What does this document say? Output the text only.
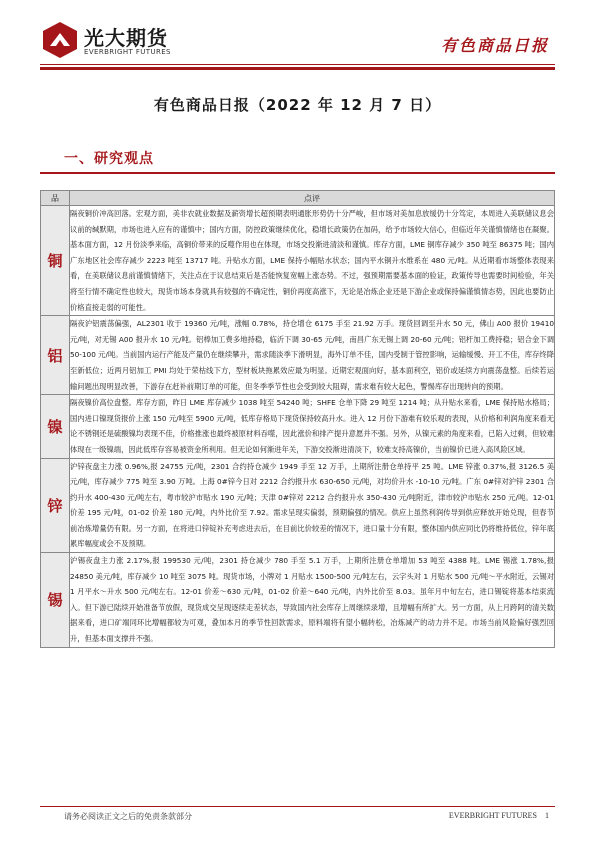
光大期货
EVERBRIGHT FUTURES	有色商品日报
有色商品日报（2022 年 12 月 7 日）
一、研究观点
品	点评
铜	隔夜铜价冲高回落。宏观方面，美非农就业数据及薪资增长超预期表明通胀形势仍十分严峻，但市场对美加息放缓仍十分笃定，本周进入美联储议息会议前的缄默期，市场也进入应有的谨慎中；国内方面，防控政策继续优化，稳增长政策仍在加码，给予市场较大信心，但临近年关谨慎情绪也在凝聚。基本面方面，12 月份淡季来临，高铜价带来的反噬作用也在体现，市场交投渐进清淡和谨慎。库存方面，LME 铜库存减少 350 吨至 86375 吨；国内广东地区社会库存减少 2223 吨至 13717 吨。升贴水方面，LME 保持小幅贴水状态；国内平水铜升水维系在 480 元/吨。从近期看市场整体表现来看，在美联储议息前谨慎情绪下，关注点在于议息结束后是否能恢复宽幅上涨态势。不过，强预期需要基本面的验证，政策传导也需要时间检验，年关将至行情不确定性也较大，现货市场本身就具有较强的不确定性，铜价再度高涨下，无论是冶炼企业还是下游企业或保持偏谨慎情态势，因此也要防止价格直接走弱的可能性。
铝	隔夜沪铝震荡偏强，AL2301 收于 19360 元/吨，涨幅 0.78%，持仓增仓 6175 手至 21.92 万手。现货回调至升水 50 元，佛山 A00 报价 19410 元/吨，对无锡 A00 报升水 10 元/吨。铝棒加工费多地持稳，临沂下调 30-65 元/吨，南昌广东无锡上调 20-60 元/吨；铝杆加工费持稳；铝合金下调 50-100 元/吨。当前国内运行产能及产量仍在继续攀升，需求随淡季下滑明显，海外订单不佳，国内受制于管控影响，运输缓慢、开工不佳，库存终降至新低位；近两月铝加工 PMI 均处于荣枯线下方，型材板块拖累效应最为明显。近期宏观面向好，基本面利空，铝价或延续方向震荡盘整。后续若运输问题出现明显改善，下游存在赶补前期订单的可能，但冬季季节性也会受到较大阻碍，需求难有较大起色，警惕库存出现转向的预期。
镍	隔夜镍价高位盘整。库存方面，昨日 LME 库存减少 1038 吨至 54240 吨；SHFE 仓单下降 29 吨至 1214 吨；从升贴水来看，LME 保持贴水格局；国内进口镍现货报价上涨 150 元/吨至 5900 元/吨，低库存格局下现货保持较高升水。进入 12 月份下游难有较乐观的表现，从价格和利润角度来看无论不锈钢还是硫酸镍均表现不佳，价格推涨也最终被原材料吞噬，因此涨价和排产提升意愿并不强。另外，从镍元素的角度来看，已陷入过剩，但较难体现在一级镍端，因此低库存容易被资金所利用。但无论如何渐进年关，下游交投渐进清淡下，较难支持高镍价，当前镍价已进入高风险区域。
锌	沪锌夜盘主力涨 0.96%,报 24755 元/吨，2301 合约持仓减少 1949 手至 12 万手，上期所注册仓单持平 25 吨。LME 锌涨 0.37%,报 3126.5 美元/吨，库存减少 775 吨至 3.90 万吨。上海 0#锌今日对 2212 合约报升水 630-650 元/吨，对均价升水 -10-10 元/吨。广东 0#锌对沪锌 2301 合约升水 400-430 元/吨左右，粤市较沪市贴水 190 元/吨；天津 0#锌对 2212 合约报升水 350-430 元/吨附近，津市较沪市贴水 250 元/吨。12-01 价差 195 元/吨，01-02 价差 180 元/吨，内外比价至 7.92。需求呈现实偏弱，预期偏强的情况。供应上虽然利润传导到供应释放开始兑现，但春节前冶炼增量仍有限。另一方面，在将进口锌锭补充考虑进去后，在目前比价较差的情况下，进口量十分有限，整体国内供应同比仍将维持低位，锌年底累库幅度或会不及预期。
锡	沪锡夜盘主力涨 2.17%,报 199530 元/吨，2301 持仓减少 780 手至 5.1 万手，上期所注册仓单增加 53 吨至 4388 吨。LME 锡涨 1.78%,报 24850 美元/吨，库存减少 10 吨至 3075 吨。现货市场，小牌对 1 月贴水 1500-500 元/吨左右，云字头对 1 月贴水 500 元/吨～平水附近，云锡对 1 月平水～升水 500 元/吨左右。12-01 价差～630 元/吨，01-02 价差～640 元/吨，内外比价至 8.03。虽年月中旬左右，进口锡锭将基本结束流入。但下游已陆续开始准备节放假，现货成交呈现逐续走差状态，导致国内社会库存上周继续录增，且增幅有所扩大。另一方面，从上月跨阿的清关数据来看，进口矿端同环比增幅都较为可观，叠加本月的季节性回款需求，原料端将有望小幅转松，冶炼减产的动力并不足。市场当前风险偏好强烈回升，但基本面支撑并不强。
请务必阅读正文之后的免责条款部分	EVERBRIGHT FUTURES 1
